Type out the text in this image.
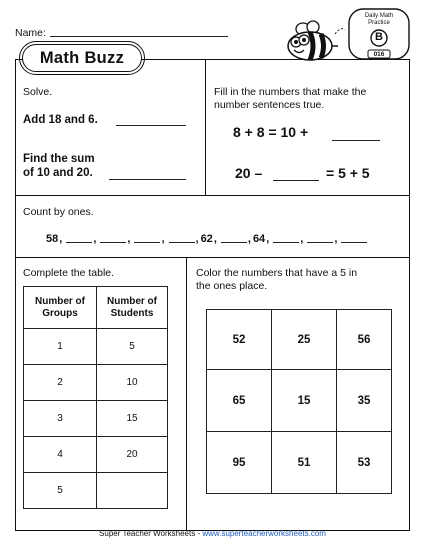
Name:
Math Buzz
Daily Math
Practice
B
016
Solve.
Add 18 and 6.
Find the sum
of 10 and 20.
Fill in the numbers that make the
number sentences true.
8 + 8 = 10 +
20 –	= 5 + 5
Count by ones.
58 ,	,	,	,	, 62 ,	, 64 ,	,	,
Complete the table.
Number of Groups	Number of Students
1	5
2	10
3	15
4	20
5	
Color the numbers that have a 5 in
the ones place.
52	25	56
65	15	35
95	51	53
Super Teacher Worksheets - www.superteacherworksheets.com
